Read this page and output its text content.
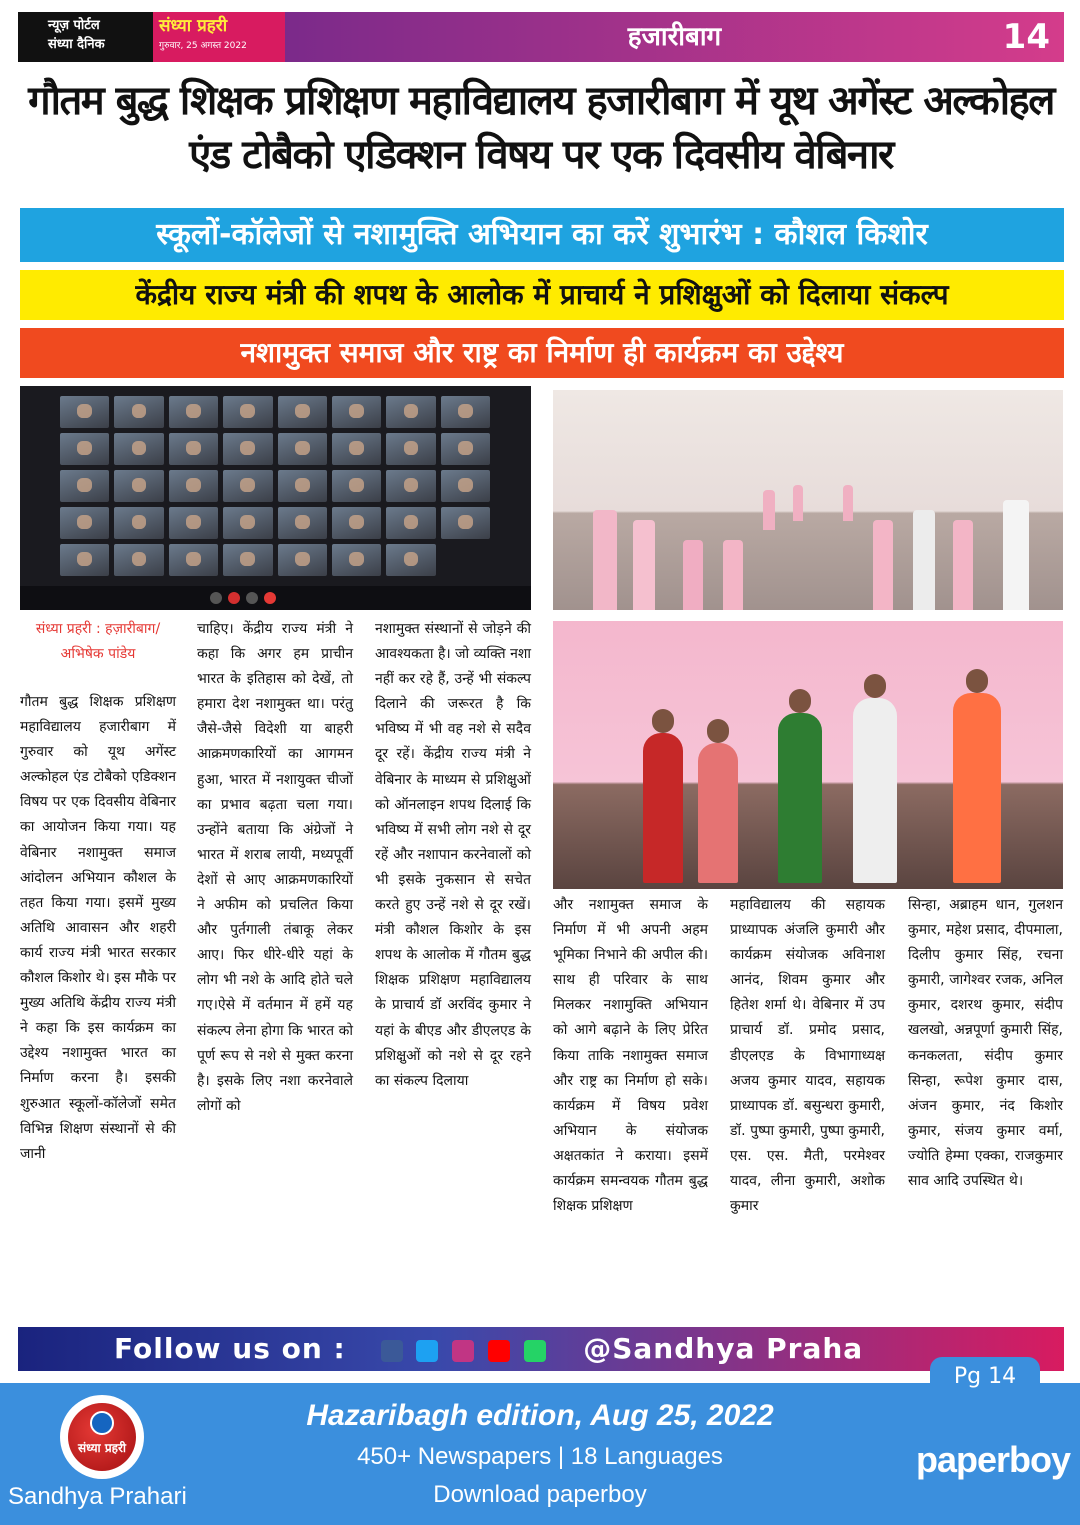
न्यूज़ पोर्टल
संध्या दैनिक
संध्या प्रहरी
गुरुवार, 25 अगस्त 2022	हजारीबाग	14
गौतम बुद्ध शिक्षक प्रशिक्षण महाविद्यालय हजारीबाग में यूथ अगेंस्ट अल्कोहल एंड टोबैको एडिक्शन विषय पर एक दिवसीय वेबिनार
स्कूलों-कॉलेजों से नशामुक्ति अभियान का करें शुभारंभ : कौशल किशोर
केंद्रीय राज्य मंत्री की शपथ के आलोक में प्राचार्य ने प्रशिक्षुओं को दिलाया संकल्प
नशामुक्त समाज और राष्ट्र का निर्माण ही कार्यक्रम का उद्देश्य
संध्या प्रहरी : हज़ारीबाग/अभिषेक पांडेय
गौतम बुद्ध शिक्षक प्रशिक्षण महाविद्यालय हजारीबाग में गुरुवार को यूथ अगेंस्ट अल्कोहल एंड टोबैको एडिक्शन विषय पर एक दिवसीय वेबिनार का आयोजन किया गया। यह वेबिनार नशामुक्त समाज आंदोलन अभियान कौशल के तहत किया गया। इसमें मुख्य अतिथि आवासन और शहरी कार्य राज्य मंत्री भारत सरकार कौशल किशोर थे। इस मौके पर मुख्य अतिथि केंद्रीय राज्य मंत्री ने कहा कि इस कार्यक्रम का उद्देश्य नशामुक्त भारत का निर्माण करना है। इसकी शुरुआत स्कूलों-कॉलेजों समेत विभिन्न शिक्षण संस्थानों से की जानी
चाहिए। केंद्रीय राज्य मंत्री ने कहा कि अगर हम प्राचीन भारत के इतिहास को देखें, तो हमारा देश नशामुक्त था। परंतु जैसे-जैसे विदेशी या बाहरी आक्रमणकारियों का आगमन हुआ, भारत में नशायुक्त चीजों का प्रभाव बढ़ता चला गया। उन्होंने बताया कि अंग्रेजों ने भारत में शराब लायी, मध्यपूर्वी देशों से आए आक्रमणकारियों ने अफीम को प्रचलित किया और पुर्तगाली तंबाकू लेकर आए। फिर धीरे-धीरे यहां के लोग भी नशे के आदि होते चले गए।ऐसे में वर्तमान में हमें यह संकल्प लेना होगा कि भारत को पूर्ण रूप से नशे से मुक्त करना है। इसके लिए नशा करनेवाले लोगों को
नशामुक्त संस्थानों से जोड़ने की आवश्यकता है। जो व्यक्ति नशा नहीं कर रहे हैं, उन्हें भी संकल्प दिलाने की जरूरत है कि भविष्य में भी वह नशे से सदैव दूर रहें। केंद्रीय राज्य मंत्री ने वेबिनार के माध्यम से प्रशिक्षुओं को ऑनलाइन शपथ दिलाई कि भविष्य में सभी लोग नशे से दूर रहें और नशापान करनेवालों को भी इसके नुकसान से सचेत करते हुए उन्हें नशे से दूर रखें। मंत्री कौशल किशोर के इस शपथ के आलोक में गौतम बुद्ध शिक्षक प्रशिक्षण महाविद्यालय के प्राचार्य डॉ अरविंद कुमार ने यहां के बीएड और डीएलएड के प्रशिक्षुओं को नशे से दूर रहने का संकल्प दिलाया
और नशामुक्त समाज के निर्माण में भी अपनी अहम भूमिका निभाने की अपील की। साथ ही परिवार के साथ मिलकर नशामुक्ति अभियान को आगे बढ़ाने के लिए प्रेरित किया ताकि नशामुक्त समाज और राष्ट्र का निर्माण हो सके।कार्यक्रम में विषय प्रवेश अभियान के संयोजक अक्षतकांत ने कराया। इसमें कार्यक्रम समन्वयक गौतम बुद्ध शिक्षक प्रशिक्षण
महाविद्यालय की सहायक प्राध्यापक अंजलि कुमारी और कार्यक्रम संयोजक अविनाश आनंद, शिवम कुमार और हितेश शर्मा थे। वेबिनार में उप प्राचार्य डॉ. प्रमोद प्रसाद, डीएलएड के विभागाध्यक्ष अजय कुमार यादव, सहायक प्राध्यापक डॉ. बसुन्धरा कुमारी, डॉ. पुष्पा कुमारी, पुष्पा कुमारी, एस. एस. मैती, परमेश्वर यादव, लीना कुमारी, अशोक कुमार
सिन्हा, अब्राहम धान, गुलशन कुमार, महेश प्रसाद, दीपमाला, दिलीप कुमार सिंह, रचना कुमारी, जागेश्वर रजक, अनिल कुमार, दशरथ कुमार, संदीप खलखो, अन्नपूर्णा कुमारी सिंह, कनकलता, संदीप कुमार सिन्हा, रूपेश कुमार दास, अंजन कुमार, नंद किशोर कुमार, संजय कुमार वर्मा, ज्योति हेम्मा एक्का, राजकुमार साव आदि उपस्थित थे।
Follow us on :	@Sandhya Praha
Pg 14
संध्या प्रहरी
Sandhya Prahari
Hazaribagh edition, Aug 25, 2022
450+ Newspapers | 18 Languages
Download paperboy
paperboy
